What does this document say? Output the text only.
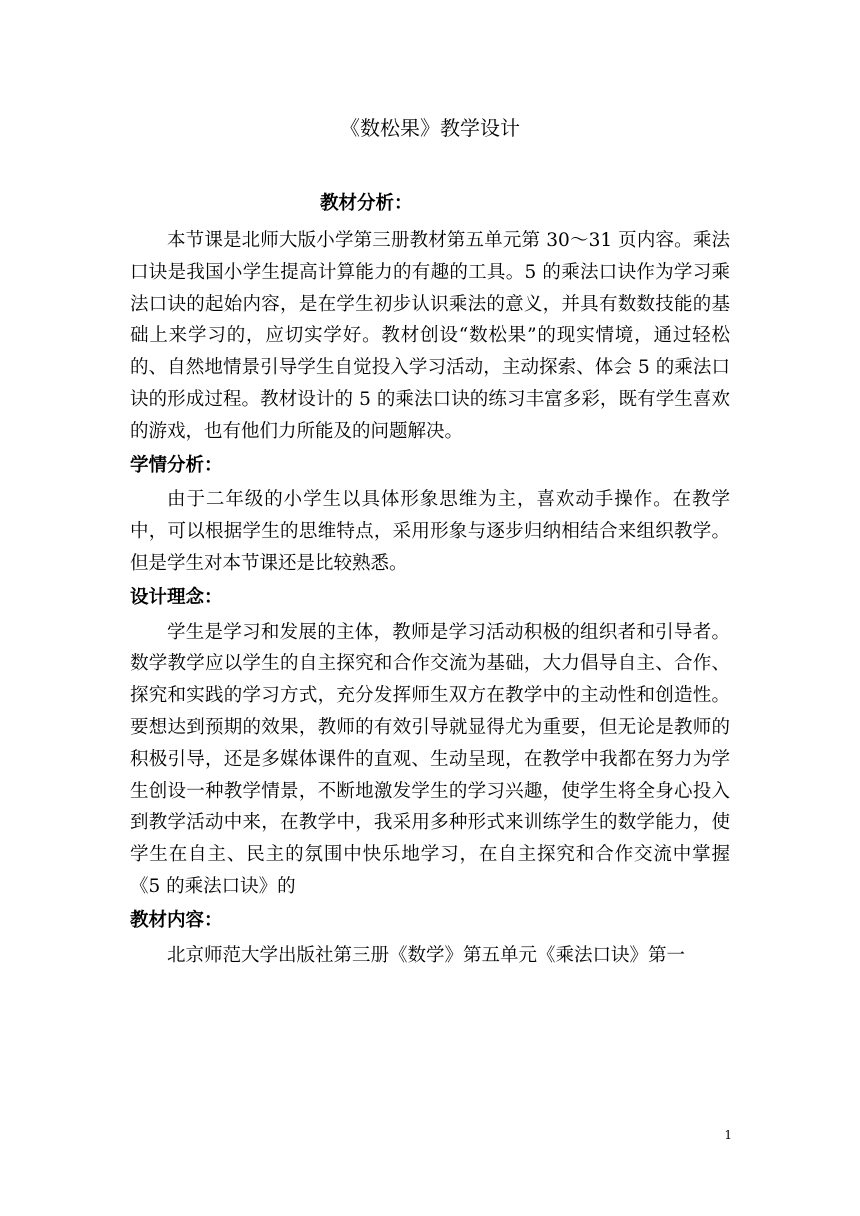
《数松果》教学设计
教材分析：

本节课是北师大版小学第三册教材第五单元第 30～31 页内容。乘法口诀是我国小学生提高计算能力的有趣的工具。5 的乘法口诀作为学习乘法口诀的起始内容，是在学生初步认识乘法的意义，并具有数数技能的基础上来学习的，应切实学好。教材创设“数松果”的现实情境，通过轻松的、自然地情景引导学生自觉投入学习活动，主动探索、体会 5 的乘法口诀的形成过程。教材设计的 5 的乘法口诀的练习丰富多彩，既有学生喜欢的游戏，也有他们力所能及的问题解决。

学情分析：

由于二年级的小学生以具体形象思维为主，喜欢动手操作。在教学中，可以根据学生的思维特点，采用形象与逐步归纳相结合来组织教学。但是学生对本节课还是比较熟悉。

设计理念：

学生是学习和发展的主体，教师是学习活动积极的组织者和引导者。数学教学应以学生的自主探究和合作交流为基础，大力倡导自主、合作、探究和实践的学习方式，充分发挥师生双方在教学中的主动性和创造性。要想达到预期的效果，教师的有效引导就显得尤为重要，但无论是教师的积极引导，还是多媒体课件的直观、生动呈现，在教学中我都在努力为学生创设一种教学情景，不断地激发学生的学习兴趣，使学生将全身心投入到教学活动中来，在教学中，我采用多种形式来训练学生的数学能力，使学生在自主、民主的氛围中快乐地学习，在自主探究和合作交流中掌握《5 的乘法口诀》的

教材内容：

北京师范大学出版社第三册《数学》第五单元《乘法口诀》第一

1
